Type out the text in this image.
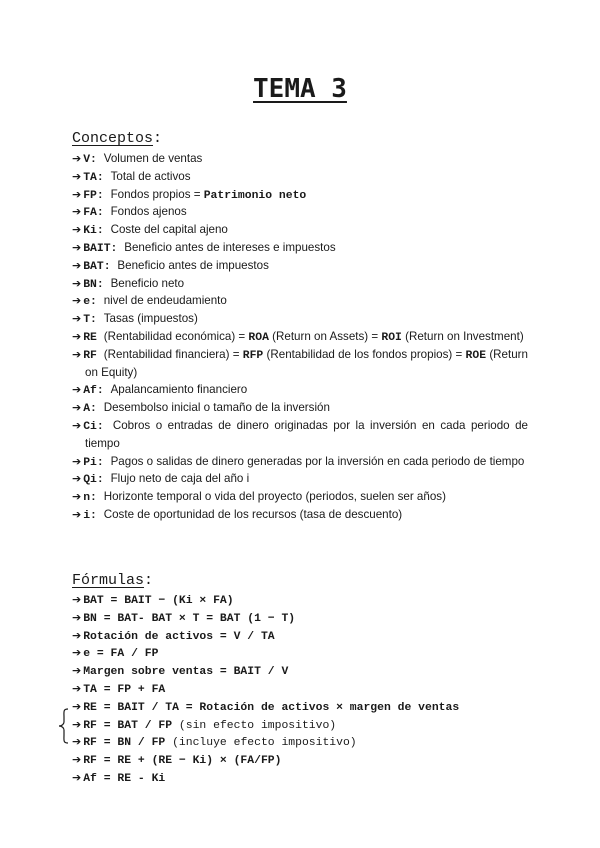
TEMA 3
Conceptos:
➔ V: Volumen de ventas
➔ TA: Total de activos
➔ FP: Fondos propios = Patrimonio neto
➔ FA: Fondos ajenos
➔ Ki: Coste del capital ajeno
➔ BAIT: Beneficio antes de intereses e impuestos
➔ BAT: Beneficio antes de impuestos
➔ BN: Beneficio neto
➔ e: nivel de endeudamiento
➔ T: Tasas (impuestos)
➔ RE (Rentabilidad económica) = ROA (Return on Assets) = ROI (Return on Investment)
➔ RF (Rentabilidad financiera) = RFP (Rentabilidad de los fondos propios) = ROE (Return on Equity)
➔ Af: Apalancamiento financiero
➔ A: Desembolso inicial o tamaño de la inversión
➔ Ci: Cobros o entradas de dinero originadas por la inversión en cada periodo de tiempo
➔ Pi: Pagos o salidas de dinero generadas por la inversión en cada periodo de tiempo
➔ Qi: Flujo neto de caja del año i
➔ n: Horizonte temporal o vida del proyecto (periodos, suelen ser años)
➔ i: Coste de oportunidad de los recursos (tasa de descuento)
Fórmulas:
➔ BAT = BAIT − (Ki × FA)
➔ BN = BAT- BAT × T = BAT (1 − T)
➔ Rotación de activos = V / TA
➔ e = FA / FP
➔ Margen sobre ventas = BAIT / V
➔ TA = FP + FA
➔ RE = BAIT / TA = Rotación de activos × margen de ventas
➔ RF = BAT / FP (sin efecto impositivo)
➔ RF = BN / FP (incluye efecto impositivo)
➔ RF = RE + (RE − Ki) × (FA/FP)
➔ Af = RE - Ki
